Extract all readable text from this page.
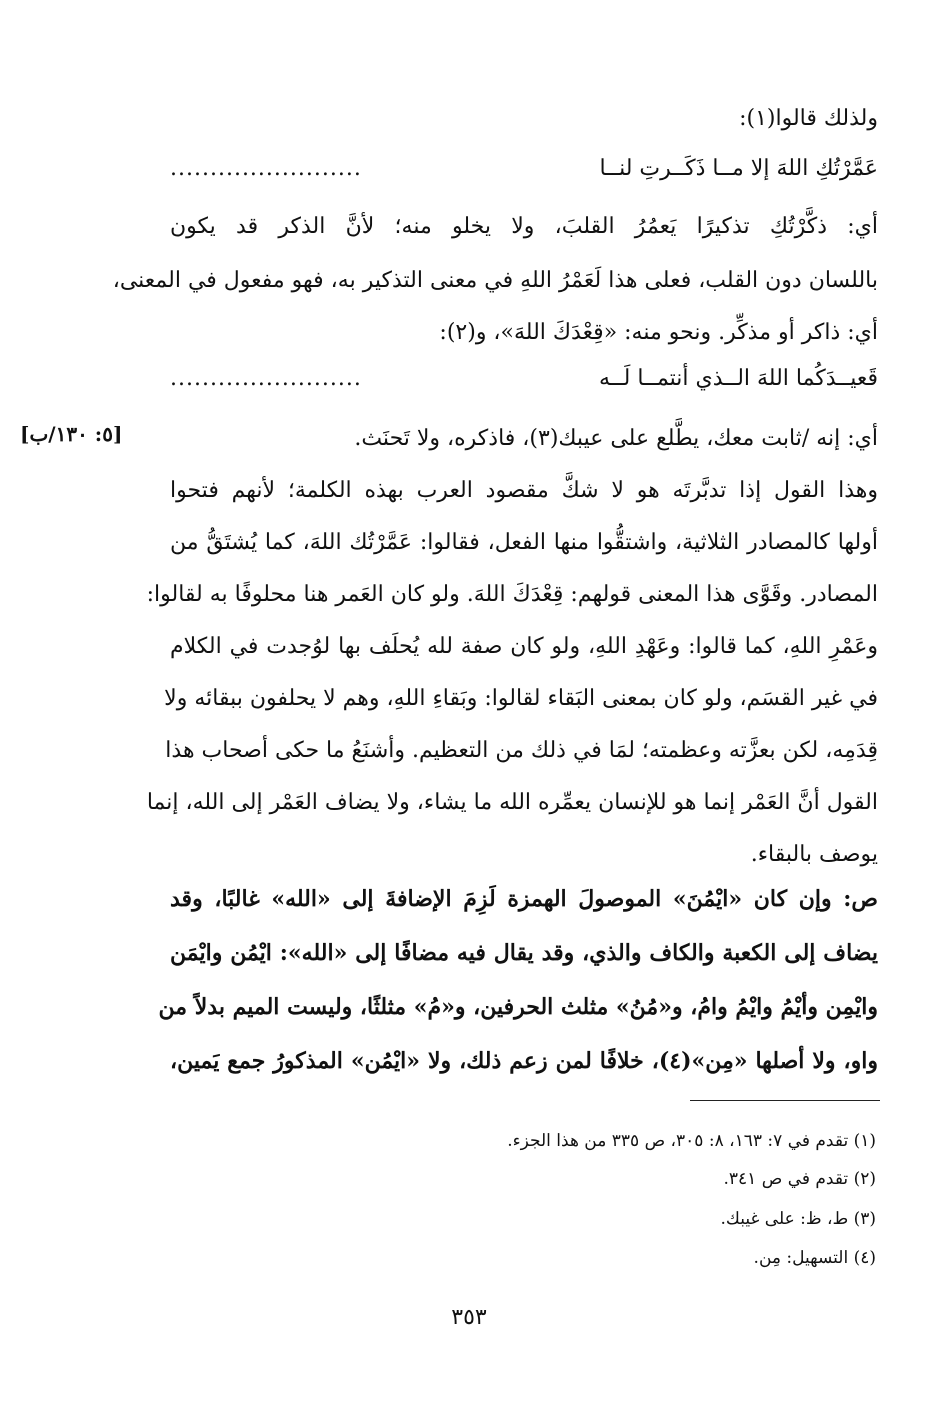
ولذلك قالوا(١):
عَمَّرْتُكِ اللهَ إلا مــا ذَكَــرتِ لنــا
........................
أي: ذكَّرْتُكِ تذكيرًا يَعمُرُ القلبَ، ولا يخلو منه؛ لأنَّ الذكر قد يكون
باللسان دون القلب، فعلى هذا لَعَمْرُ اللهِ في معنى التذكير به، فهو مفعول في المعنى،
أي: ذاكر أو مذكِّر. ونحو منه: «قِعْدَكَ اللهَ»، و(٢):
قَعيــدَكُما اللهَ الــذي أنتمــا لَــه
........................
[٥: ١٣٠/ب]	أي: إنه /ثابت معك، يطَّلع على عيبك(٣)، فاذكره، ولا تَحنَث.
وهذا القول إذا تدبَّرتَه هو لا شكَّ مقصود العرب بهذه الكلمة؛ لأنهم فتحوا
أولها كالمصادر الثلاثية، واشتقُّوا منها الفعل، فقالوا: عَمَّرْتُك اللهَ، كما يُشتَقُّ من
المصادر. وقَوَّى هذا المعنى قولهم: قِعْدَكَ اللهَ. ولو كان العَمر هنا محلوفًا به لقالوا:
وعَمْرِ اللهِ، كما قالوا: وعَهْدِ اللهِ، ولو كان صفة لله يُحلَف بها لوُجدت في الكلام
في غير القسَم، ولو كان بمعنى البَقاء لقالوا: وبَقاءِ اللهِ، وهم لا يحلفون ببقائه ولا
قِدَمِه، لكن بعزَّته وعظمته؛ لمَا في ذلك من التعظيم. وأشنَعُ ما حكى أصحاب هذا
القول أنَّ العَمْر إنما هو للإنسان يعمِّره الله ما يشاء، ولا يضاف العَمْر إلى الله، إنما
يوصف بالبقاء.
ص: وإن كان «ايْمُنَ» الموصولَ الهمزة لَزِمَ الإضافةَ إلى «الله» غالبًا، وقد
يضاف إلى الكعبة والكاف والذي، وقد يقال فيه مضافًا إلى «الله»: ايْمُن وايْمَن
وايْمِن وأيْمُ وايْمُ وامُ، و«مُنُ» مثلث الحرفين، و«مُ» مثلثًا، وليست الميم بدلاً من
واو، ولا أصلها «مِن»(٤)، خلافًا لمن زعم ذلك، ولا «ايْمُن» المذكورُ جمع يَمين،
(١) تقدم في ٧: ١٦٣، ٨: ٣٠٥، ص ٣٣٥ من هذا الجزء.
(٢) تقدم في ص ٣٤١.
(٣) ط، ظ: على غيبك.
(٤) التسهيل: مِن.
٣٥٣
